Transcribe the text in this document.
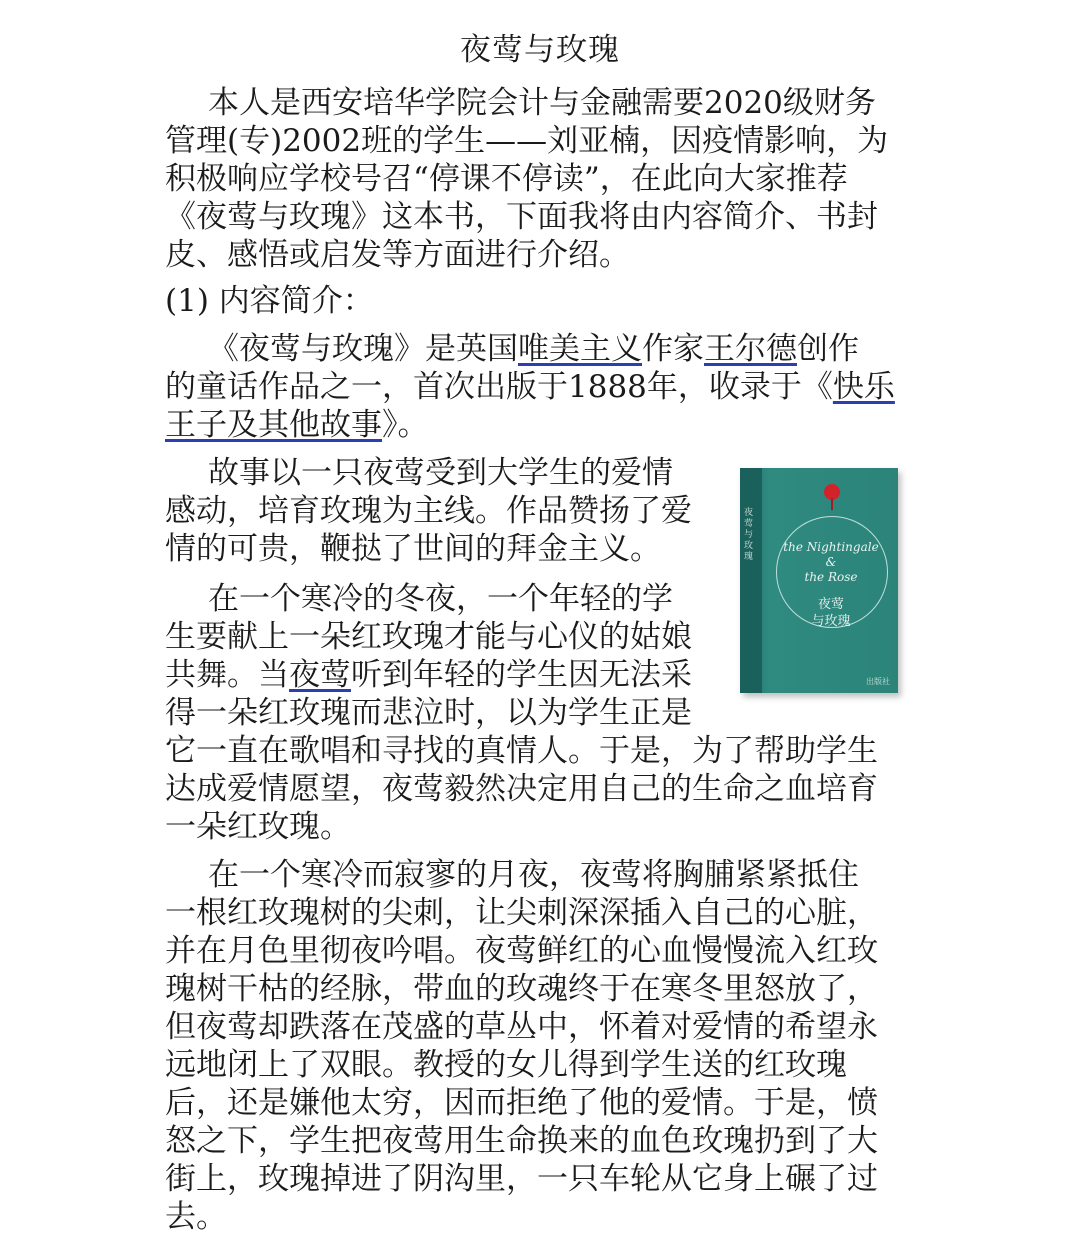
夜莺与玫瑰
本人是西安培华学院会计与金融需要2020级财务
管理(专)2002班的学生——刘亚楠，因疫情影响，为
积极响应学校号召“停课不停读”，在此向大家推荐
《夜莺与玫瑰》这本书，下面我将由内容简介、书封
皮、感悟或启发等方面进行介绍。
(1) 内容简介：
《夜莺与玫瑰》是英国唯美主义作家王尔德创作
的童话作品之一，首次出版于1888年，收录于《快乐
王子及其他故事》。
故事以一只夜莺受到大学生的爱情
感动，培育玫瑰为主线。作品赞扬了爱
情的可贵，鞭挞了世间的拜金主义。
在一个寒冷的冬夜，一个年轻的学
生要献上一朵红玫瑰才能与心仪的姑娘
共舞。当夜莺听到年轻的学生因无法采
得一朵红玫瑰而悲泣时，以为学生正是
它一直在歌唱和寻找的真情人。于是，为了帮助学生
达成爱情愿望，夜莺毅然决定用自己的生命之血培育
一朵红玫瑰。
在一个寒冷而寂寥的月夜，夜莺将胸脯紧紧抵住
一根红玫瑰树的尖刺，让尖刺深深插入自己的心脏，
并在月色里彻夜吟唱。夜莺鲜红的心血慢慢流入红玫
瑰树干枯的经脉，带血的玫魂终于在寒冬里怒放了，
但夜莺却跌落在茂盛的草丛中，怀着对爱情的希望永
远地闭上了双眼。教授的女儿得到学生送的红玫瑰
后，还是嫌他太穷，因而拒绝了他的爱情。于是，愤
怒之下，学生把夜莺用生命换来的血色玫瑰扔到了大
街上，玫瑰掉进了阴沟里，一只车轮从它身上碾了过
去。
夜莺与玫瑰
the Nightingale
&
the Rose
夜莺
与玫瑰
出版社
